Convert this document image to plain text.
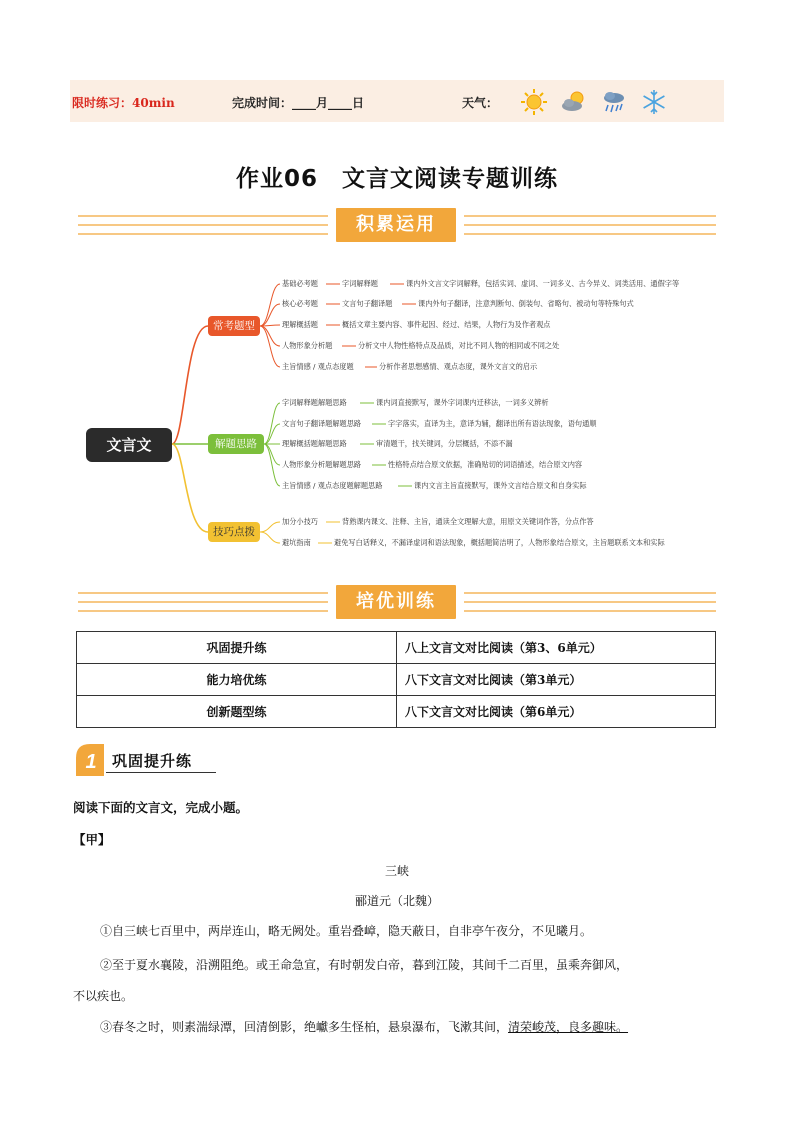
限时练习：40min	完成时间：____月____日	天气：
作业06　文言文阅读专题训练
积累运用
文言文
常考题型
解题思路
技巧点拨
基础必考题	字词解释题	课内外文言文字词解释，包括实词、虚词、一词多义、古今异义、词类活用、通假字等
核心必考题	文言句子翻译题	课内外句子翻译，注意判断句、倒装句、省略句、被动句等特殊句式
理解概括题	概括文章主要内容、事件起因、经过、结果，人物行为及作者观点
人物形象分析题	分析文中人物性格特点及品质，对比不同人物的相同或不同之处
主旨情感 / 观点态度题	分析作者思想感情、观点态度，课外文言文的启示
字词解释题解题思路	课内词直接默写，课外字词课内迁移法，一词多义辨析
文言句子翻译题解题思路	字字落实，直译为主，意译为辅，翻译出所有语法现象，语句通顺
理解概括题解题思路	审清题干，找关键词，分层概括，不添不漏
人物形象分析题解题思路	性格特点结合原文依据，准确贴切的词语描述，结合原文内容
主旨情感 / 观点态度题解题思路	课内文言主旨直接默写，课外文言结合原文和自身实际
加分小技巧	背熟课内课文、注释、主旨，通读全文理解大意，用原文关键词作答，分点作答
避坑指南	避免写白话释义，不漏译虚词和语法现象，概括题简洁明了，人物形象结合原文，主旨题联系文本和实际
培优训练
巩固提升练	八上文言文对比阅读（第3、6单元）
能力培优练	八下文言文对比阅读（第3单元）
创新题型练	八下文言文对比阅读（第6单元）
1 巩固提升练
阅读下面的文言文，完成小题。
【甲】
三峡
郦道元（北魏）
①自三峡七百里中，两岸连山，略无阙处。重岩叠嶂，隐天蔽日，自非亭午夜分，不见曦月。
②至于夏水襄陵，沿溯阻绝。或王命急宣，有时朝发白帝，暮到江陵，其间千二百里，虽乘奔御风，
不以疾也。
③春冬之时，则素湍绿潭，回清倒影，绝巘多生怪柏，悬泉瀑布，飞漱其间，清荣峻茂，良多趣味。
